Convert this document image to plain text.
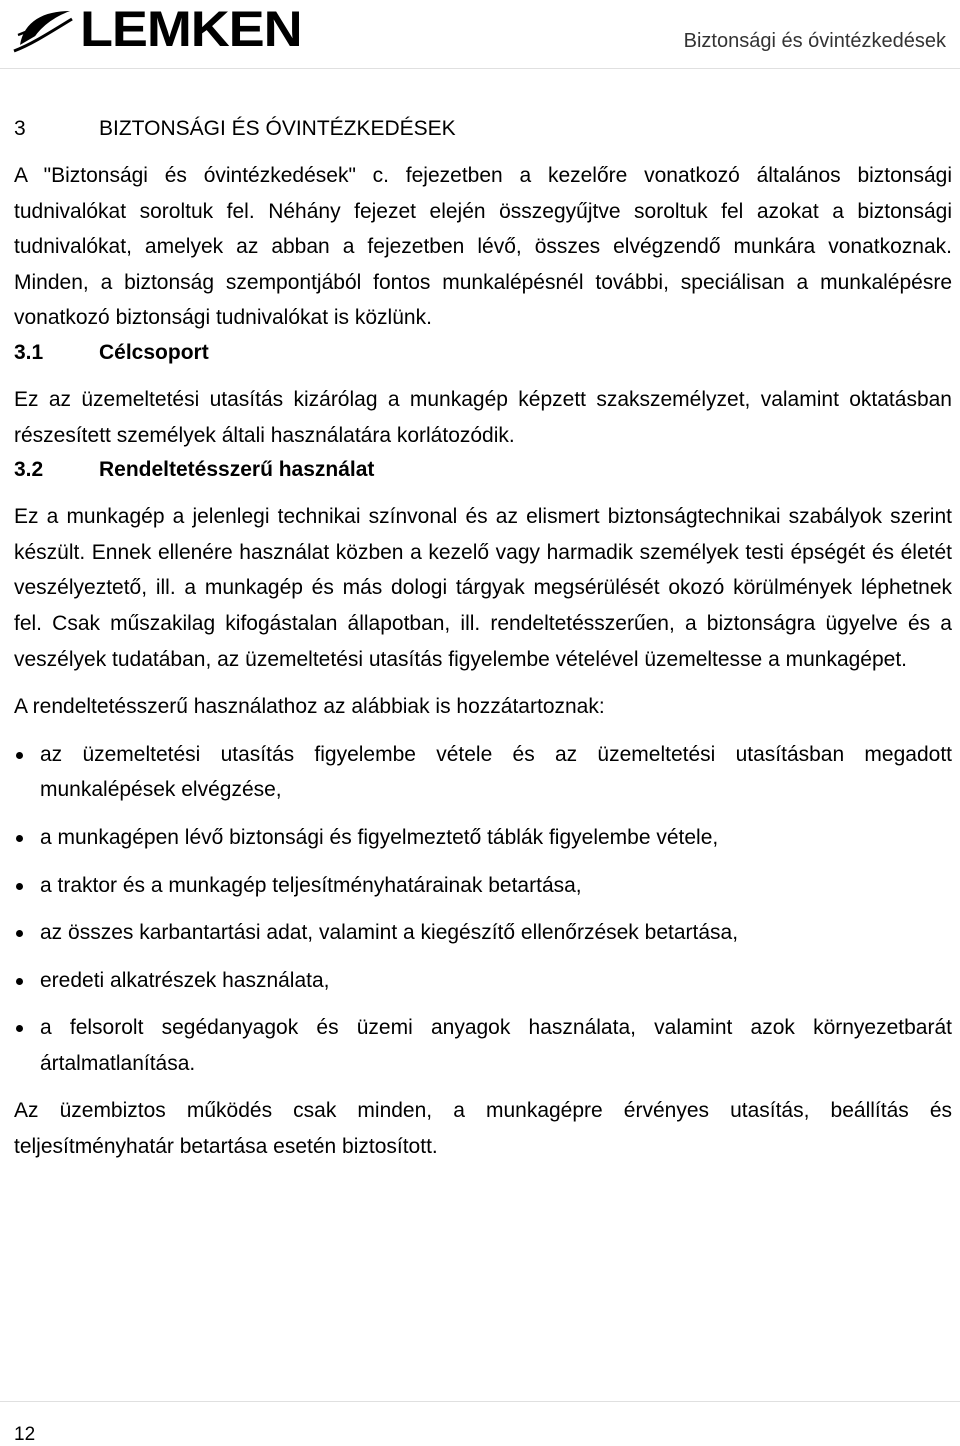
LEMKEN	Biztonsági és óvintézkedések
3	BIZTONSÁGI ÉS ÓVINTÉZKEDÉSEK

A "Biztonsági és óvintézkedések" c. fejezetben a kezelőre vonatkozó általános biztonsági tudnivalókat soroltuk fel. Néhány fejezet elején összegyűjtve soroltuk fel azokat a biztonsági tudnivalókat, amelyek az abban a fejezetben lévő, összes elvégzendő munkára vonatkoznak. Minden, a biztonság szempontjából fontos munkalépésnél további, speciálisan a munkalépésre vonatkozó biztonsági tudnivalókat is közlünk.

3.1	Célcsoport

Ez az üzemeltetési utasítás kizárólag a munkagép képzett szakszemélyzet, valamint oktatásban részesített személyek általi használatára korlátozódik.

3.2	Rendeltetésszerű használat

Ez a munkagép a jelenlegi technikai színvonal és az elismert biztonságtechnikai szabályok szerint készült. Ennek ellenére használat közben a kezelő vagy harmadik személyek testi épségét és életét veszélyeztető, ill. a munkagép és más dologi tárgyak megsérülését okozó körülmények léphetnek fel. Csak műszakilag kifogástalan állapotban, ill. rendeltetésszerűen, a biztonságra ügyelve és a veszélyek tudatában, az üzemeltetési utasítás figyelembe vételével üzemeltesse a munkagépet.

A rendeltetésszerű használathoz az alábbiak is hozzátartoznak:

az üzemeltetési utasítás figyelembe vétele és az üzemeltetési utasításban megadott munkalépések elvégzése,
a munkagépen lévő biztonsági és figyelmeztető táblák figyelembe vétele,
a traktor és a munkagép teljesítményhatárainak betartása,
az összes karbantartási adat, valamint a kiegészítő ellenőrzések betartása,
eredeti alkatrészek használata,
a felsorolt segédanyagok és üzemi anyagok használata, valamint azok környezetbarát ártalmatlanítása.

Az üzembiztos működés csak minden, a munkagépre érvényes utasítás, beállítás és teljesítményhatár betartása esetén biztosított.

12
